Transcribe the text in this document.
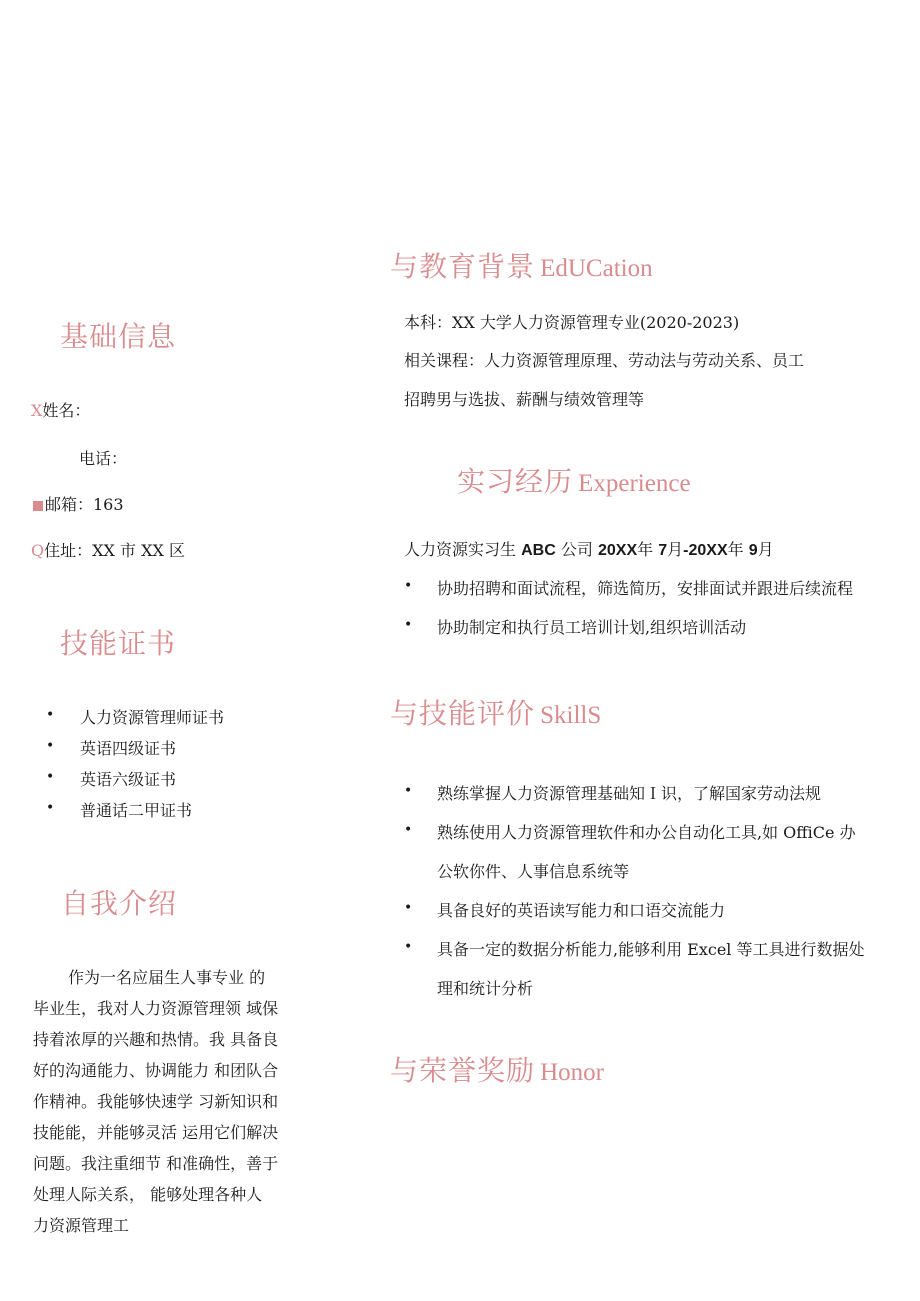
基础信息
X姓名：
电话：
邮箱：163
Q住址：XX 市 XX 区
技能证书
• 人力资源管理师证书
• 英语四级证书
• 英语六级证书
• 普通话二甲证书
自我介绍
作为一名应届生人事专业 的
毕业生，我对人力资源管理领 域保
持着浓厚的兴趣和热情。我 具备良
好的沟通能力、协调能力 和团队合
作精神。我能够快速学 习新知识和
技能能，并能够灵活 运用它们解决
问题。我注重细节 和准确性，善于
处理人际关系， 能够处理各种人
力资源管理工
与教育背景 EdUCation
本科：XX 大学人力资源管理专业(2020-2023)
相关课程：人力资源管理原理、劳动法与劳动关系、员工
招聘男与选拔、薪酬与绩效管理等
实习经历 Experience
人力资源实习生 ABC 公司 20XX年 7月-20XX年 9月
• 协助招聘和面试流程，筛选简历，安排面试并跟进后续流程
• 协助制定和执行员工培训计划,组织培训活动
与技能评价 SkillS
• 熟练掌握人力资源管理基础知Ｉ识，了解国家劳动法规
• 熟练使用人力资源管理软件和办公自动化工具,如 OffiCe 办
公软你件、人事信息系统等
• 具备良好的英语读写能力和口语交流能力
• 具备一定的数据分析能力,能够利用 Excel 等工具进行数据处
理和统计分析
与荣誉奖励 Honor
